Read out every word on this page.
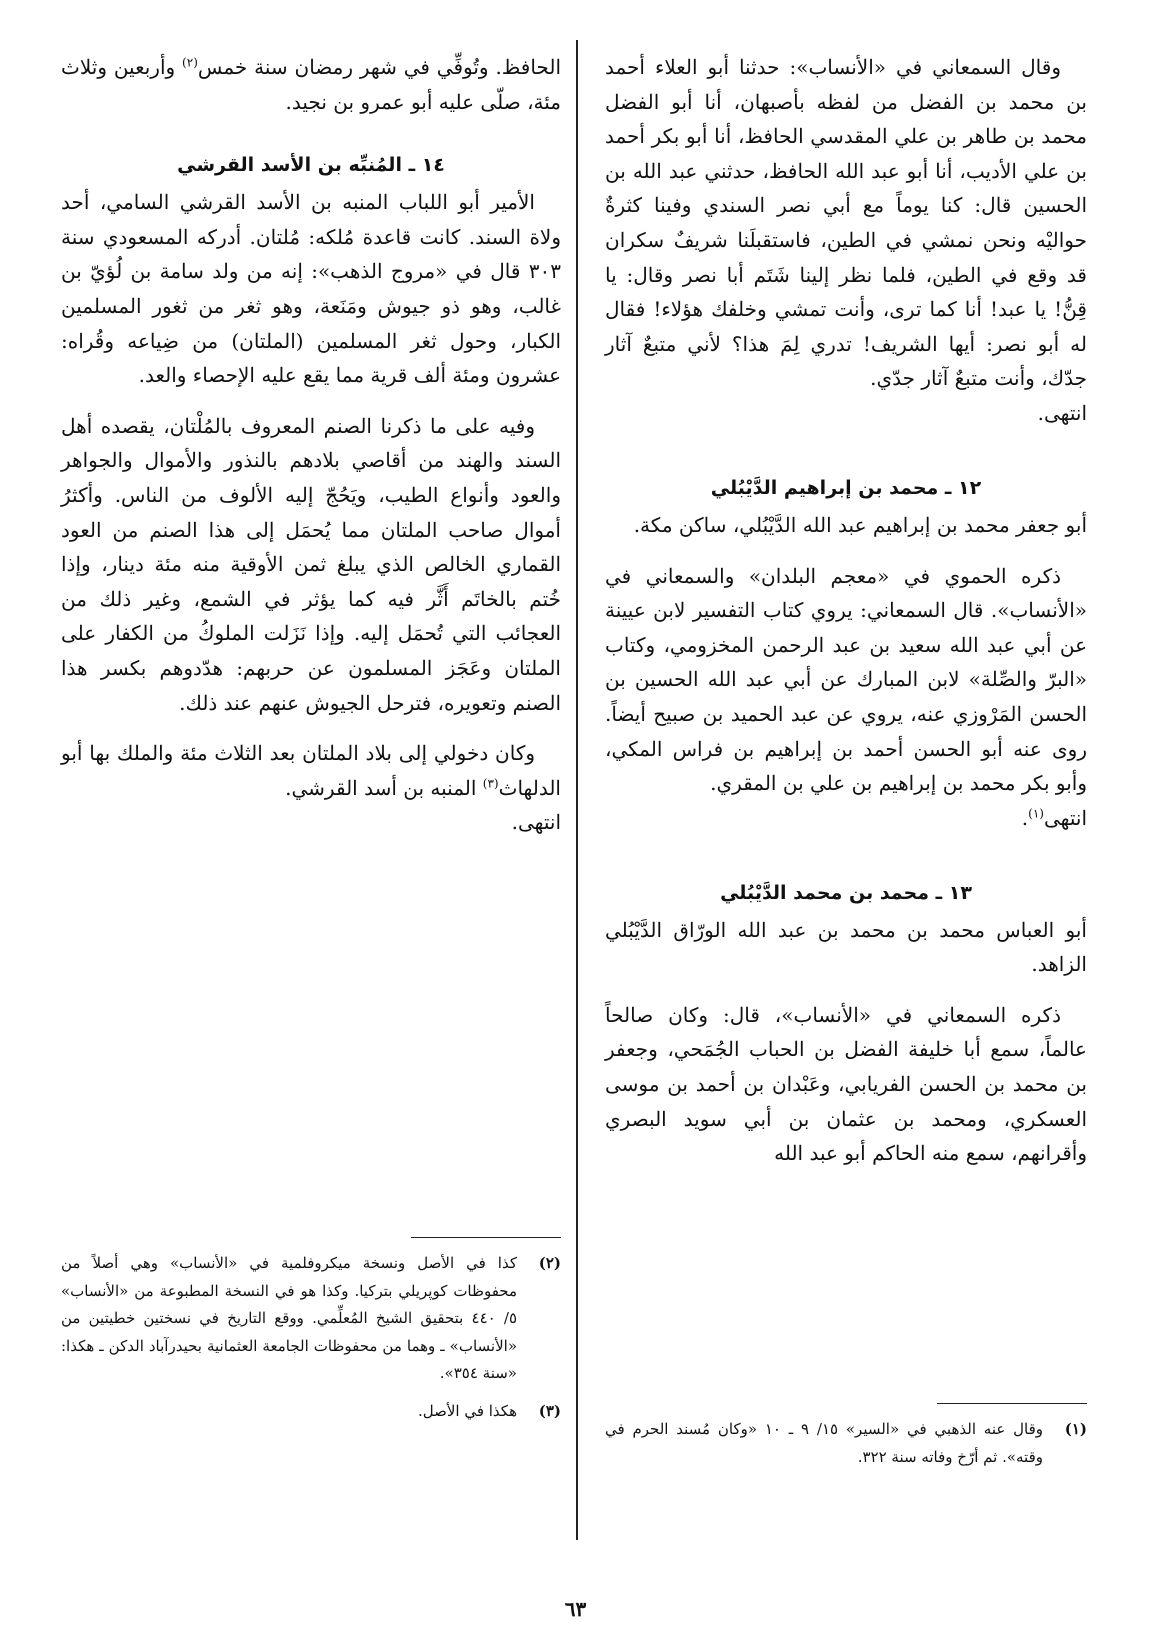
وقال السمعاني في «الأنساب»: حدثنا أبو العلاء أحمد بن محمد بن الفضل من لفظه بأصبهان، أنا أبو الفضل محمد بن طاهر بن علي المقدسي الحافظ، أنا أبو بكر أحمد بن علي الأديب، أنا أبو عبد الله الحافظ، حدثني عبد الله بن الحسين قال: كنا يوماً مع أبي نصر السندي وفينا كثرةٌ حواليْه ونحن نمشي في الطين، فاستقبلَنا شريفٌ سكران قد وقع في الطين، فلما نظر إلينا شَتَم أبا نصر وقال: يا قِنُّ! يا عبد! أنا كما ترى، وأنت تمشي وخلفك هؤلاء! فقال له أبو نصر: أيها الشريف! تدري لِمَ هذا؟ لأني متبعٌ آثار جدّك، وأنت متبعٌ آثار جدّي.

انتهى.
١٢ ـ محمد بن إبراهيم الدَّيْبُلي

أبو جعفر محمد بن إبراهيم عبد الله الدَّيْبُلي، ساكن مكة.

ذكره الحموي في «معجم البلدان» والسمعاني في «الأنساب». قال السمعاني: يروي كتاب التفسير لابن عيينة عن أبي عبد الله سعيد بن عبد الرحمن المخزومي، وكتاب «البرّ والصِّلة» لابن المبارك عن أبي عبد الله الحسين بن الحسن المَرْوزي عنه، يروي عن عبد الحميد بن صبيح أيضاً. روى عنه أبو الحسن أحمد بن إبراهيم بن فراس المكي، وأبو بكر محمد بن إبراهيم بن علي بن المقري.

انتهى$^{(١)}$.
١٣ ـ محمد بن محمد الدَّيْبُلي

أبو العباس محمد بن محمد بن عبد الله الورّاق الدَّيْبُلي الزاهد.

ذكره السمعاني في «الأنساب»، قال: وكان صالحاً عالماً، سمع أبا خليفة الفضل بن الحباب الجُمَحي، وجعفر بن محمد بن الحسن الفريابي، وعَبْدان بن أحمد بن موسى العسكري، ومحمد بن عثمان بن أبي سويد البصري وأقرانهم، سمع منه الحاكم أبو عبد الله

الحافظ. وتُوفِّي في شهر رمضان سنة خمس$^{(٢)}$ وأربعين وثلاث مئة، صلّى عليه أبو عمرو بن نجيد.

١٤ ـ المُنبِّه بن الأسد القرشي

الأمير أبو اللباب المنبه بن الأسد القرشي السامي، أحد ولاة السند. كانت قاعدة مُلكه: مُلتان. أدركه المسعودي سنة ٣٠٣ قال في «مروج الذهب»: إنه من ولد سامة بن لُؤيّ بن غالب، وهو ذو جيوش ومَنَعة، وهو ثغر من ثغور المسلمين الكبار، وحول ثغر المسلمين (الملتان) من ضِياعه وقُراه: عشرون ومئة ألف قرية مما يقع عليه الإحصاء والعد.

وفيه على ما ذكرنا الصنم المعروف بالمُلْتان، يقصده أهل السند والهند من أقاصي بلادهم بالنذور والأموال والجواهر والعود وأنواع الطيب، ويَحُجّ إليه الألوف من الناس. وأكثرُ أموال صاحب الملتان مما يُحمَل إلى هذا الصنم من العود القماري الخالص الذي يبلغ ثمن الأوقية منه مئة دينار، وإذا خُتم بالخاتَم أَثَّر فيه كما يؤثر في الشمع، وغير ذلك من العجائب التي تُحمَل إليه. وإذا نَزَلت الملوكُ من الكفار على الملتان وعَجَز المسلمون عن حربهم: هدّدوهم بكسر هذا الصنم وتعويره، فترحل الجيوش عنهم عند ذلك.

وكان دخولي إلى بلاد الملتان بعد الثلاث مئة والملك بها أبو الدلهاث$^{(٣)}$ المنبه بن أسد القرشي.

انتهى.
(١)
وقال عنه الذهبي في «السير» ١٥/ ٩ ـ ١٠ «وكان مُسند الحرم في وقته». ثم أرّخ وفاته سنة ٣٢٢.
(٢)
كذا في الأصل ونسخة ميكروفلمية في «الأنساب» وهي أصلاً من محفوظات كوپريلي بتركيا. وكذا هو في النسخة المطبوعة من «الأنساب» ٥/ ٤٤٠ بتحقيق الشيخ المُعلِّمي. ووقع التاريخ في نسختين خطيتين من «الأنساب» ـ وهما من محفوظات الجامعة العثمانية بحيدرآباد الدكن ـ هكذا: «سنة ٣٥٤».
(٣)
هكذا في الأصل.
٦٣
